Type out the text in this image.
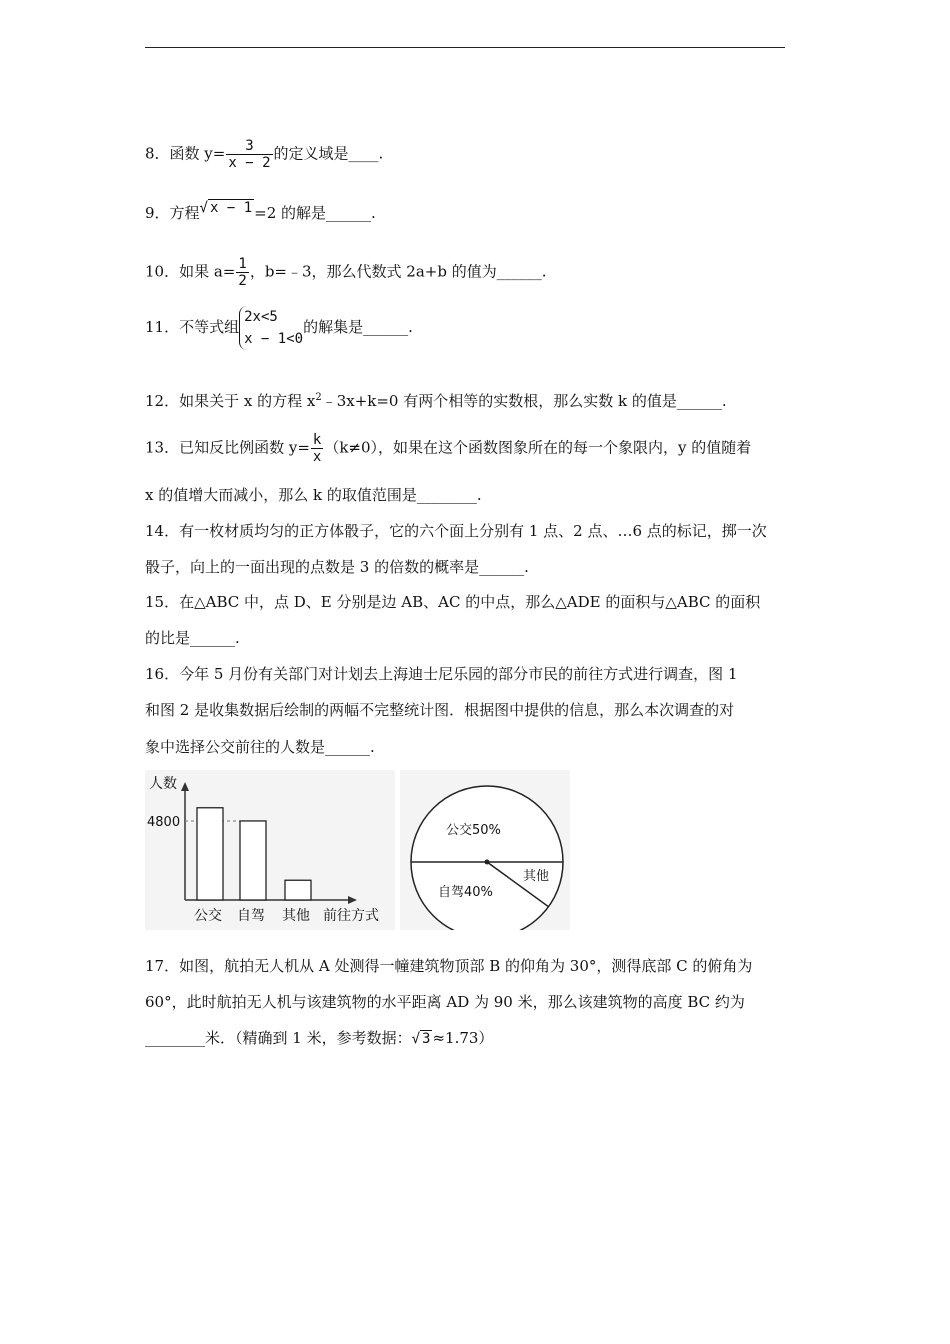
8．函数 $y= \frac{3}{x - 2}$ 的定义域是____.
9．方程√ x − 1 =2 的解是______.
10．如果 $a= \frac{1}{2}$ ，b=﹣3，那么代数式 2a+b 的值为______.
11．不等式组
2x<5
x − 1<0
的解集是______.
12．如果关于 x 的方程 $x^2﹣3x+k=0$ 有两个相等的实数根，那么实数 k 的值是______.
13．已知反比例函数 $y= \frac{k}{x} (k\ne 0)$，如果在这个函数图象所在的每一个象限内，y 的值随着
x 的值增大而减小，那么 k 的取值范围是________.
14．有一枚材质均匀的正方体骰子，它的六个面上分别有 1 点、2 点、…6 点的标记，掷一次
骰子，向上的一面出现的点数是 3 的倍数的概率是______.
15．在△ABC 中，点 D、E 分别是边 AB、AC 的中点，那么△ADE 的面积与△ABC 的面积
的比是______.
16．今年 5 月份有关部门对计划去上海迪士尼乐园的部分市民的前往方式进行调查，图 1
和图 2 是收集数据后绘制的两幅不完整统计图．根据图中提供的信息，那么本次调查的对
象中选择公交前往的人数是______.
人数
4800
公交 自驾 其他 前往方式
公交50%
自驾40%
其他
17．如图，航拍无人机从 A 处测得一幢建筑物顶部 B 的仰角为 30°，测得底部 C 的俯角为
60°，此时航拍无人机与该建筑物的水平距离 AD 为 90 米，那么该建筑物的高度 BC 约为
________米．（精确到 1 米，参考数据：√ 3 ≈1.73）
